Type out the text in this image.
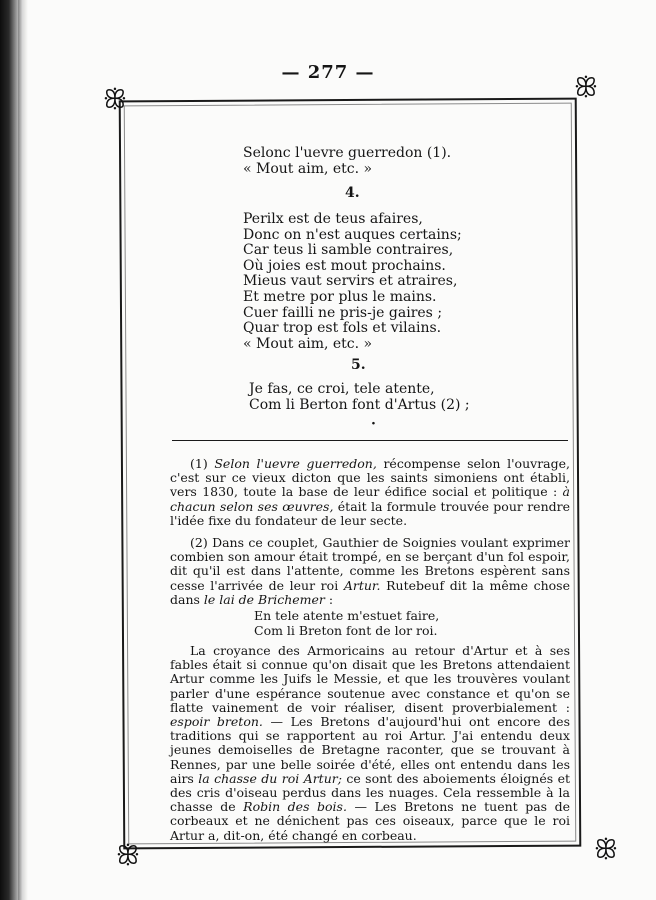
— 277 —
ꕥ	ꕥ
ꕥ	ꕥ
Selonc l'uevre guerredon (1).
« Mout aim, etc. »
4.
Perilx est de teus afaires,
Donc on n'est auques certains;
Car teus li samble contraires,
Où joies est mout prochains.
Mieus vaut servirs et atraires,
Et metre por plus le mains.
Cuer failli ne pris-je gaires ;
Quar trop est fols et vilains.
« Mout aim, etc. »
5.
Je fas, ce croi, tele atente,
Com li Berton font d'Artus (2) ;
·

(1) Selon l'uevre guerredon, récompense selon l'ouvrage, c'est sur ce vieux dicton que les saints simoniens ont établi, vers 1830, toute la base de leur édifice social et politique : à chacun selon ses œuvres, était la formule trouvée pour rendre l'idée fixe du fondateur de leur secte.

(2) Dans ce couplet, Gauthier de Soignies voulant exprimer combien son amour était trompé, en se berçant d'un fol espoir, dit qu'il est dans l'attente, comme les Bretons espèrent sans cesse l'arrivée de leur roi Artur. Rutebeuf dit la même chose dans le lai de Brichemer :

En tele atente m'estuet faire,
Com li Breton font de lor roi.

La croyance des Armoricains au retour d'Artur et à ses fables était si connue qu'on disait que les Bretons attendaient Artur comme les Juifs le Messie, et que les trouvères voulant parler d'une espérance soutenue avec constance et qu'on se flatte vainement de voir réaliser, disent proverbialement : espoir breton. — Les Bretons d'aujourd'hui ont encore des traditions qui se rapportent au roi Artur. J'ai entendu deux jeunes demoiselles de Bretagne raconter, que se trouvant à Rennes, par une belle soirée d'été, elles ont entendu dans les airs la chasse du roi Artur; ce sont des aboiements éloignés et des cris d'oiseau perdus dans les nuages. Cela ressemble à la chasse de Robin des bois. — Les Bretons ne tuent pas de corbeaux et ne dénichent pas ces oiseaux, parce que le roi Artur a, dit-on, été changé en corbeau.
